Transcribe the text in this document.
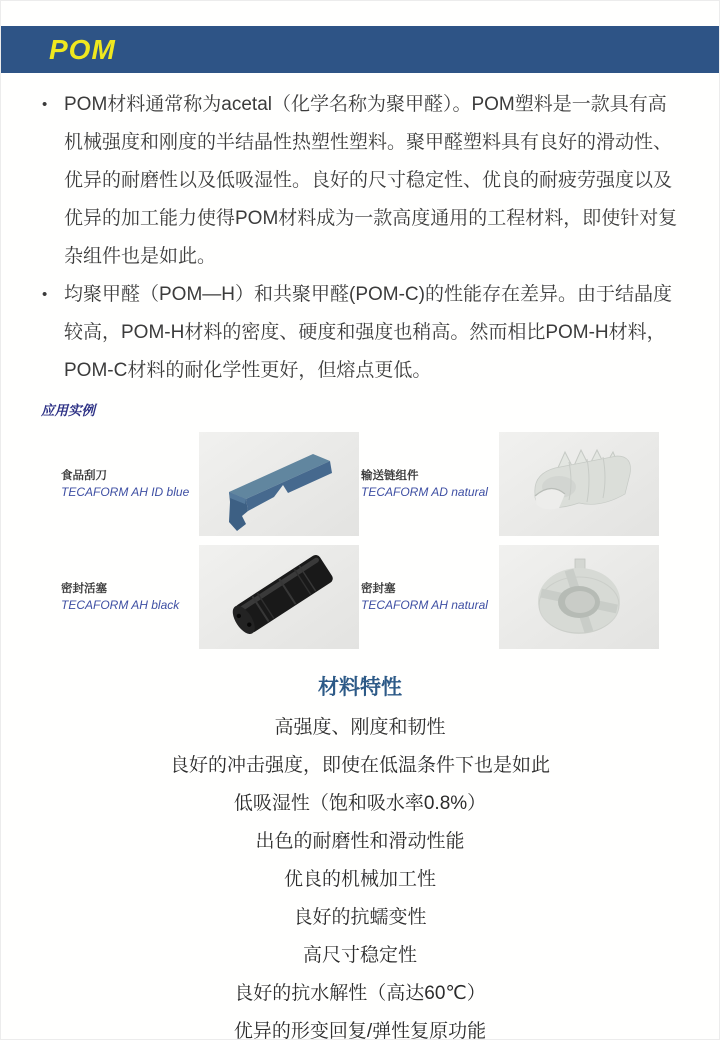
POM
• POM材料通常称为acetal（化学名称为聚甲醛）。POM塑料是一款具有高机械强度和刚度的半结晶性热塑性塑料。聚甲醛塑料具有良好的滑动性、优异的耐磨性以及低吸湿性。良好的尺寸稳定性、优良的耐疲劳强度以及优异的加工能力使得POM材料成为一款高度通用的工程材料，即使针对复杂组件也是如此。
• 均聚甲醛（POM—H）和共聚甲醛(POM-C)的性能存在差异。由于结晶度较高，POM-H材料的密度、硬度和强度也稍高。然而相比POM-H材料，POM-C材料的耐化学性更好，但熔点更低。
应用实例
食品刮刀
TECAFORM AH ID blue
输送链组件
TECAFORM AD natural
密封活塞
TECAFORM AH black
密封塞
TECAFORM AH natural
材料特性
高强度、刚度和韧性
良好的冲击强度，即使在低温条件下也是如此
低吸湿性（饱和吸水率0.8%）
出色的耐磨性和滑动性能
优良的机械加工性
良好的抗蠕变性
高尺寸稳定性
良好的抗水解性（高达60℃）
优异的形变回复/弹性复原功能
